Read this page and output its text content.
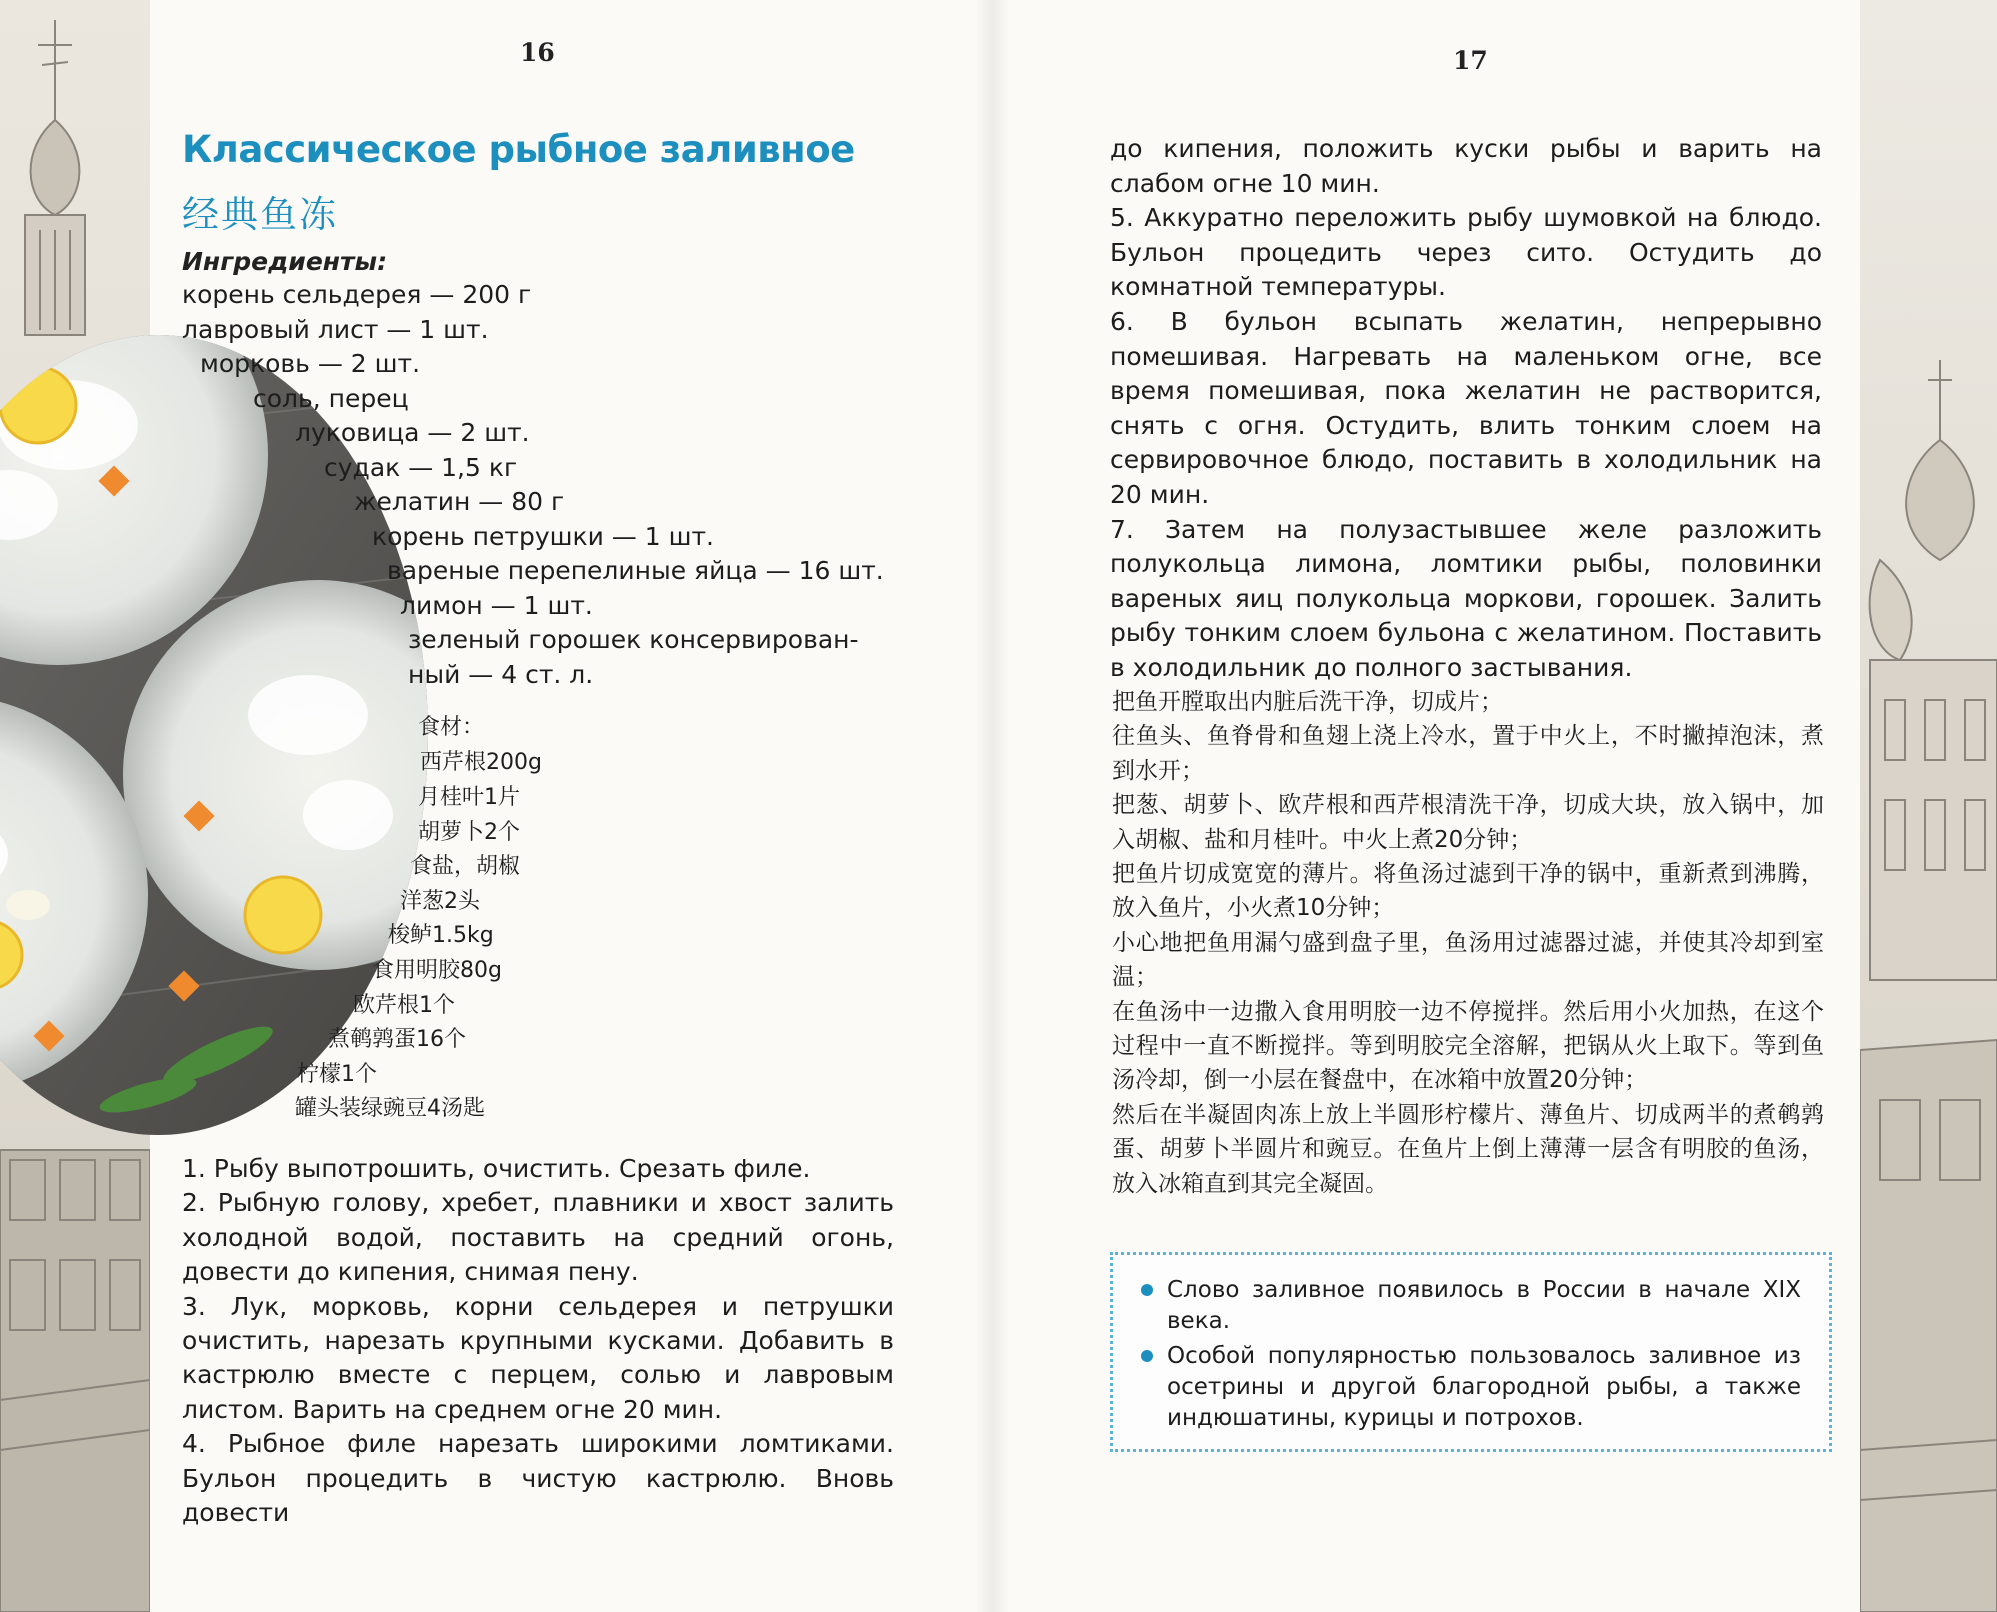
16	17
Классическое рыбное заливное
经典鱼冻
Ингредиенты:
корень сельдерея — 200 г
лавровый лист — 1 шт.
морковь — 2 шт.
соль, перец
луковица — 2 шт.
судак — 1,5 кг
желатин — 80 г
корень петрушки — 1 шт.
вареные перепелиные яйца — 16 шт.
лимон — 1 шт.
зеленый горошек консервирован-
ный — 4 ст. л.
食材：
西芹根200g
月桂叶1片
胡萝卜2个
食盐，胡椒
洋葱2头
梭鲈1.5kg
食用明胶80g
欧芹根1个
煮鹌鹑蛋16个
柠檬1个
罐头装绿豌豆4汤匙

1. Рыбу выпотрошить, очистить. Срезать филе.

2. Рыбную голову, хребет, плавники и хвост залить холодной водой, поставить на средний огонь, довести до кипения, снимая пену.

3. Лук, морковь, корни сельдерея и петрушки очистить, нарезать крупными кусками. Добавить в кастрюлю вместе с перцем, солью и лавровым листом. Варить на среднем огне 20 мин.

4. Рыбное филе нарезать широкими ломтиками. Бульон процедить в чистую кастрюлю. Вновь довести

до кипения, положить куски рыбы и варить на слабом огне 10 мин.

5. Аккуратно переложить рыбу шумовкой на блюдо. Бульон процедить через сито. Остудить до комнатной температуры.

6. В бульон всыпать желатин, непрерывно помешивая. Нагревать на маленьком огне, все время помешивая, пока желатин не растворится, снять с огня. Остудить, влить тонким слоем на сервировочное блюдо, поставить в холодильник на 20 мин.

7. Затем на полузастывшее желе разложить полукольца лимона, ломтики рыбы, половинки вареных яиц полукольца моркови, горошек. Залить рыбу тонким слоем бульона с желатином. Поставить в холодильник до полного застывания.

把鱼开膛取出内脏后洗干净，切成片；

往鱼头、鱼脊骨和鱼翅上浇上冷水，置于中火上，不时撇掉泡沫，煮到水开；

把葱、胡萝卜、欧芹根和西芹根清洗干净，切成大块，放入锅中，加入胡椒、盐和月桂叶。中火上煮20分钟；

把鱼片切成宽宽的薄片。将鱼汤过滤到干净的锅中，重新煮到沸腾，放入鱼片，小火煮10分钟；

小心地把鱼用漏勺盛到盘子里，鱼汤用过滤器过滤，并使其冷却到室温；

在鱼汤中一边撒入食用明胶一边不停搅拌。然后用小火加热，在这个过程中一直不断搅拌。等到明胶完全溶解，把锅从火上取下。等到鱼汤冷却，倒一小层在餐盘中，在冰箱中放置20分钟；

然后在半凝固肉冻上放上半圆形柠檬片、薄鱼片、切成两半的煮鹌鹑蛋、胡萝卜半圆片和豌豆。在鱼片上倒上薄薄一层含有明胶的鱼汤，放入冰箱直到其完全凝固。

Слово заливное появилось в России в начале XIX века.
Особой популярностью пользовалось заливное из осетрины и другой благородной рыбы, а также индюшатины, курицы и потрохов.
